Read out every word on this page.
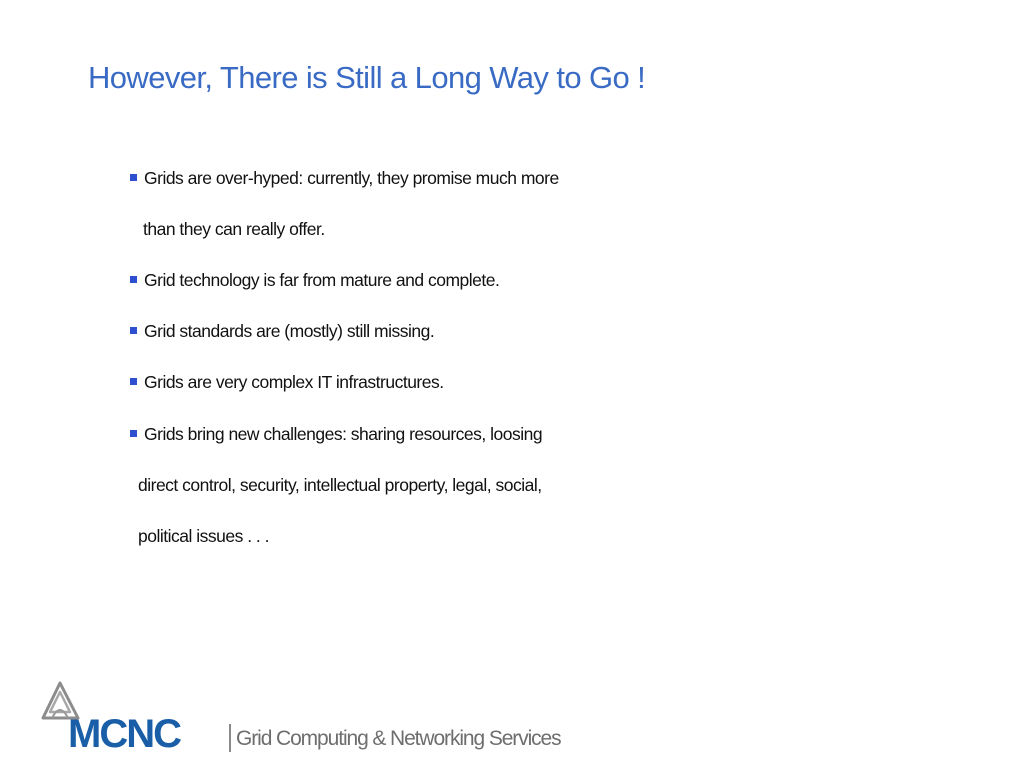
However, There is Still a Long Way to Go !
Grids are over-hyped: currently, they promise much more
than they can really offer.
Grid technology is far from mature and complete.
Grid standards are (mostly) still missing.
Grids are very complex IT infrastructures.
Grids bring new challenges: sharing resources, loosing
direct control, security, intellectual property, legal, social,
political issues . . .
MCNC	Grid Computing & Networking Services
